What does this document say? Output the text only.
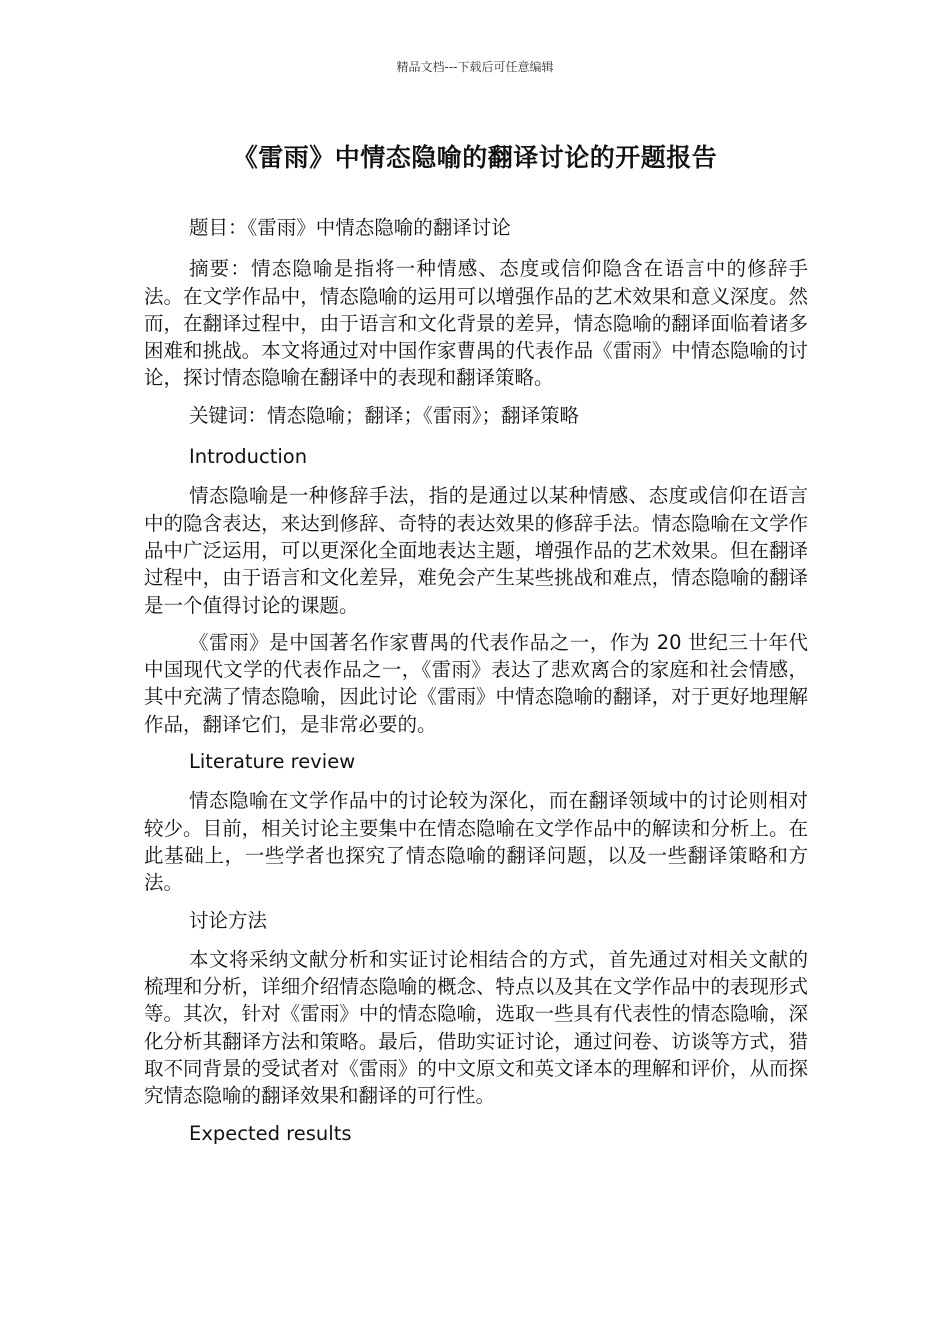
精品文档---下载后可任意编辑
《雷雨》中情态隐喻的翻译讨论的开题报告

题目：《雷雨》中情态隐喻的翻译讨论

摘要：情态隐喻是指将一种情感、态度或信仰隐含在语言中的修辞手法。在文学作品中，情态隐喻的运用可以增强作品的艺术效果和意义深度。然而，在翻译过程中，由于语言和文化背景的差异，情态隐喻的翻译面临着诸多困难和挑战。本文将通过对中国作家曹禺的代表作品《雷雨》中情态隐喻的讨论，探讨情态隐喻在翻译中的表现和翻译策略。

关键词：情态隐喻；翻译；《雷雨》；翻译策略

Introduction

情态隐喻是一种修辞手法，指的是通过以某种情感、态度或信仰在语言中的隐含表达，来达到修辞、奇特的表达效果的修辞手法。情态隐喻在文学作品中广泛运用，可以更深化全面地表达主题，增强作品的艺术效果。但在翻译过程中，由于语言和文化差异，难免会产生某些挑战和难点，情态隐喻的翻译是一个值得讨论的课题。

《雷雨》是中国著名作家曹禺的代表作品之一，作为 20 世纪三十年代中国现代文学的代表作品之一，《雷雨》表达了悲欢离合的家庭和社会情感，其中充满了情态隐喻，因此讨论《雷雨》中情态隐喻的翻译，对于更好地理解作品，翻译它们，是非常必要的。

Literature review

情态隐喻在文学作品中的讨论较为深化，而在翻译领域中的讨论则相对较少。目前，相关讨论主要集中在情态隐喻在文学作品中的解读和分析上。在此基础上，一些学者也探究了情态隐喻的翻译问题，以及一些翻译策略和方法。

讨论方法

本文将采纳文献分析和实证讨论相结合的方式，首先通过对相关文献的梳理和分析，详细介绍情态隐喻的概念、特点以及其在文学作品中的表现形式等。其次，针对《雷雨》中的情态隐喻，选取一些具有代表性的情态隐喻，深化分析其翻译方法和策略。最后，借助实证讨论，通过问卷、访谈等方式，猎取不同背景的受试者对《雷雨》的中文原文和英文译本的理解和评价，从而探究情态隐喻的翻译效果和翻译的可行性。

Expected results
